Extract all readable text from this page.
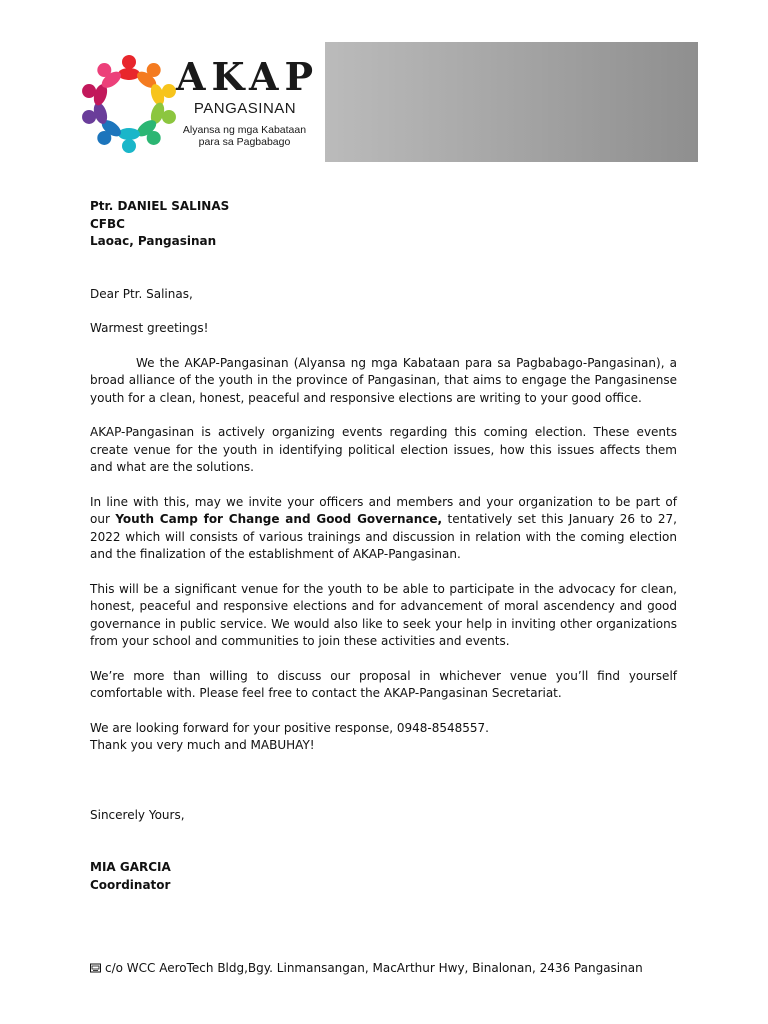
AKAP
PANGASINAN
Alyansa ng mga Kabataan
para sa Pagbabago

Ptr. DANIEL SALINAS

CFBC

Laoac, Pangasinan

Dear Ptr. Salinas,

Warmest greetings!

We the AKAP-Pangasinan (Alyansa ng mga Kabataan para sa Pagbabago-Pangasinan), a broad alliance of the youth in the province of Pangasinan, that aims to engage the Pangasinense youth for a clean, honest, peaceful and responsive elections are writing to your good office.

AKAP-Pangasinan is actively organizing events regarding this coming election. These events create venue for the youth in identifying political election issues, how this issues affects them and what are the solutions.

In line with this, may we invite your officers and members and your organization to be part of our Youth Camp for Change and Good Governance, tentatively set this January 26 to 27, 2022 which will consists of various trainings and discussion in relation with the coming election and the finalization of the establishment of AKAP-Pangasinan.

This will be a significant venue for the youth to be able to participate in the advocacy for clean, honest, peaceful and responsive elections and for advancement of moral ascendency and good governance in public service. We would also like to seek your help in inviting other organizations from your school and communities to join these activities and events.

We’re more than willing to discuss our proposal in whichever venue you’ll find yourself comfortable with. Please feel free to contact the AKAP-Pangasinan Secretariat.

We are looking forward for your positive response, 0948-8548557.

Thank you very much and MABUHAY!

Sincerely Yours,

MIA GARCIA

Coordinator

c/o WCC AeroTech Bldg,Bgy. Linmansangan, MacArthur Hwy, Binalonan, 2436 Pangasinan
